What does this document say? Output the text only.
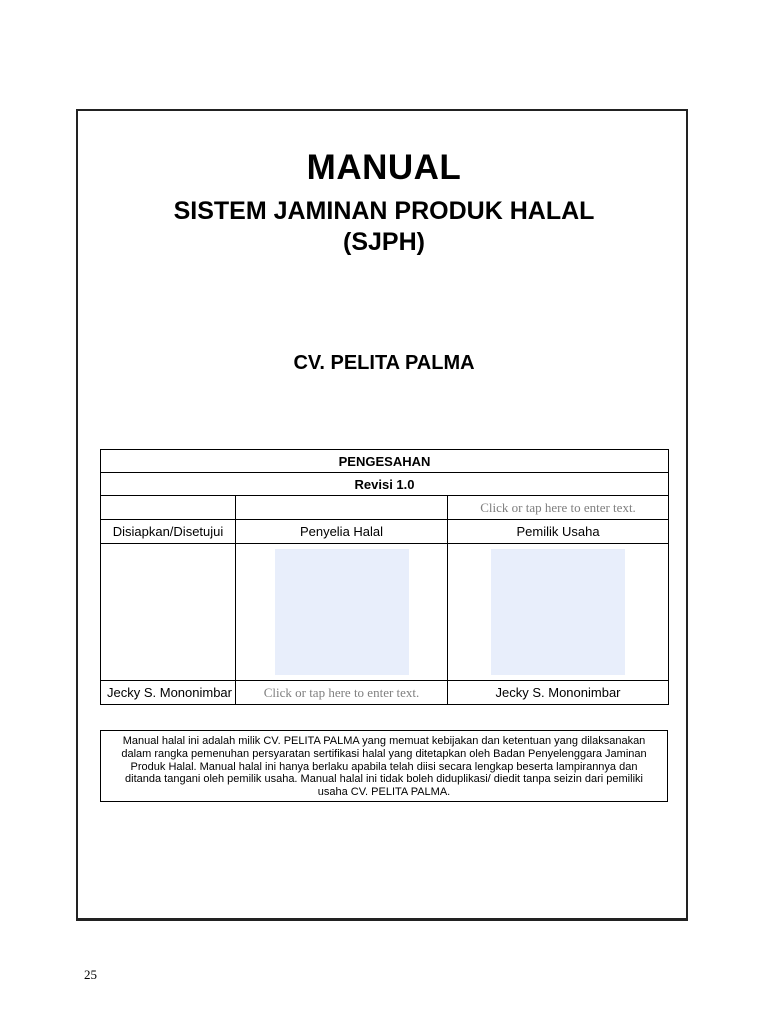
MANUAL
SISTEM JAMINAN PRODUK HALAL
(SJPH)
CV. PELITA PALMA
PENGESAHAN		
Revisi 1.0		
		Click or tap here to enter text.
Disiapkan/Disetujui	Penyelia Halal	Pemilik Usaha

Jecky S. Mononimbar	Click or tap here to enter text.	Jecky S. Mononimbar

Manual halal ini adalah milik CV. PELITA PALMA yang memuat kebijakan dan ketentuan yang dilaksanakan dalam rangka pemenuhan persyaratan sertifikasi halal yang ditetapkan oleh Badan Penyelenggara Jaminan Produk Halal. Manual halal ini hanya berlaku apabila telah diisi secara lengkap beserta lampirannya dan ditanda tangani oleh pemilik usaha. Manual halal ini tidak boleh diduplikasi/ diedit tanpa seizin dari pemiliki usaha CV. PELITA PALMA.

25
